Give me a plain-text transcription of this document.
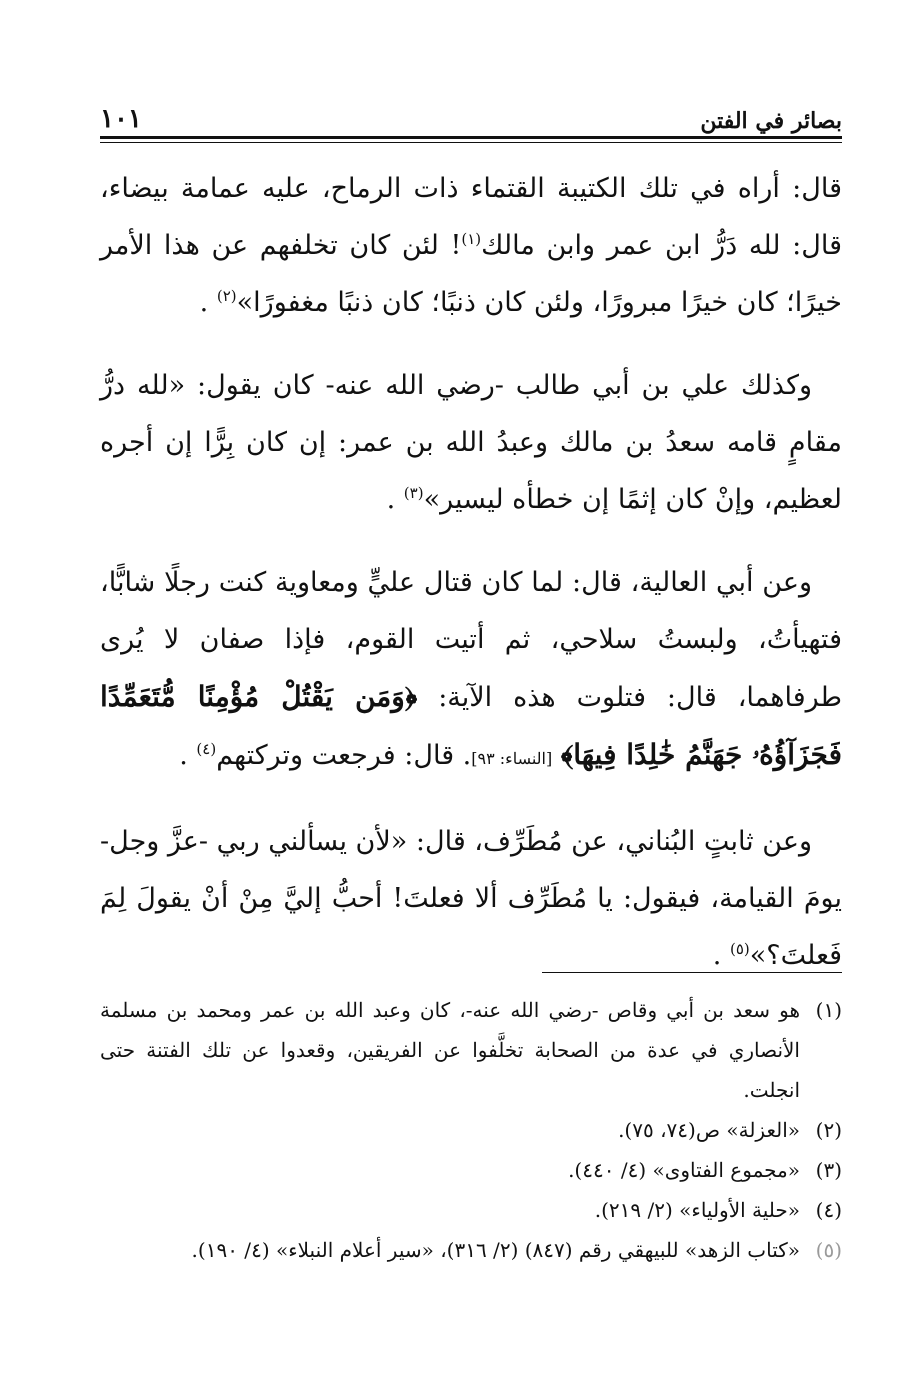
بصائر في الفتن
١٠١

قال: أراه في تلك الكتيبة القتماء ذات الرماح، عليه عمامة بيضاء، قال: لله دَرُّ ابن عمر وابن مالك$^{(١)}$! لئن كان تخلفهم عن هذا الأمر خيرًا؛ كان خيرًا مبرورًا، ولئن كان ذنبًا؛ كان ذنبًا مغفورًا»$^{(٢)}$ .

وكذلك علي بن أبي طالب -رضي الله عنه- كان يقول: «لله درُّ مقامٍ قامه سعدُ بن مالك وعبدُ الله بن عمر: إن كان بِرًّا إن أجره لعظيم، وإنْ كان إثمًا إن خطأه ليسير»$^{(٣)}$ .

وعن أبي العالية، قال: لما كان قتال عليٍّ ومعاوية كنت رجلًا شابًّا، فتهيأتُ، ولبستُ سلاحي، ثم أتيت القوم، فإذا صفان لا يُرى طرفاهما، قال: فتلوت هذه الآية: ﴿وَمَن يَقْتُلْ مُؤْمِنًا مُّتَعَمِّدًا فَجَزَآؤُهُۥ جَهَنَّمُ خَٰلِدًا فِيهَا﴾ [النساء: ٩٣]. قال: فرجعت وتركتهم$^{(٤)}$ .

وعن ثابتٍ البُناني، عن مُطَرِّف، قال: «لأن يسألني ربي -عزَّ وجل- يومَ القيامة، فيقول: يا مُطَرِّف ألا فعلتَ! أحبُّ إليَّ مِنْ أنْ يقولَ لِمَ فَعلتَ؟»$^{(٥)}$ .

(١)
هو سعد بن أبي وقاص -رضي الله عنه-، كان وعبد الله بن عمر ومحمد بن مسلمة الأنصاري في عدة من الصحابة تخلَّفوا عن الفريقين، وقعدوا عن تلك الفتنة حتى انجلت.
(٢)
«العزلة» ص(٧٤، ٧٥).
(٣)
«مجموع الفتاوى» (٤/ ٤٤٠).
(٤)
«حلية الأولياء» (٢/ ٢١٩).
(٥)
«كتاب الزهد» للبيهقي رقم (٨٤٧) (٢/ ٣١٦)، «سير أعلام النبلاء» (٤/ ١٩٠).
